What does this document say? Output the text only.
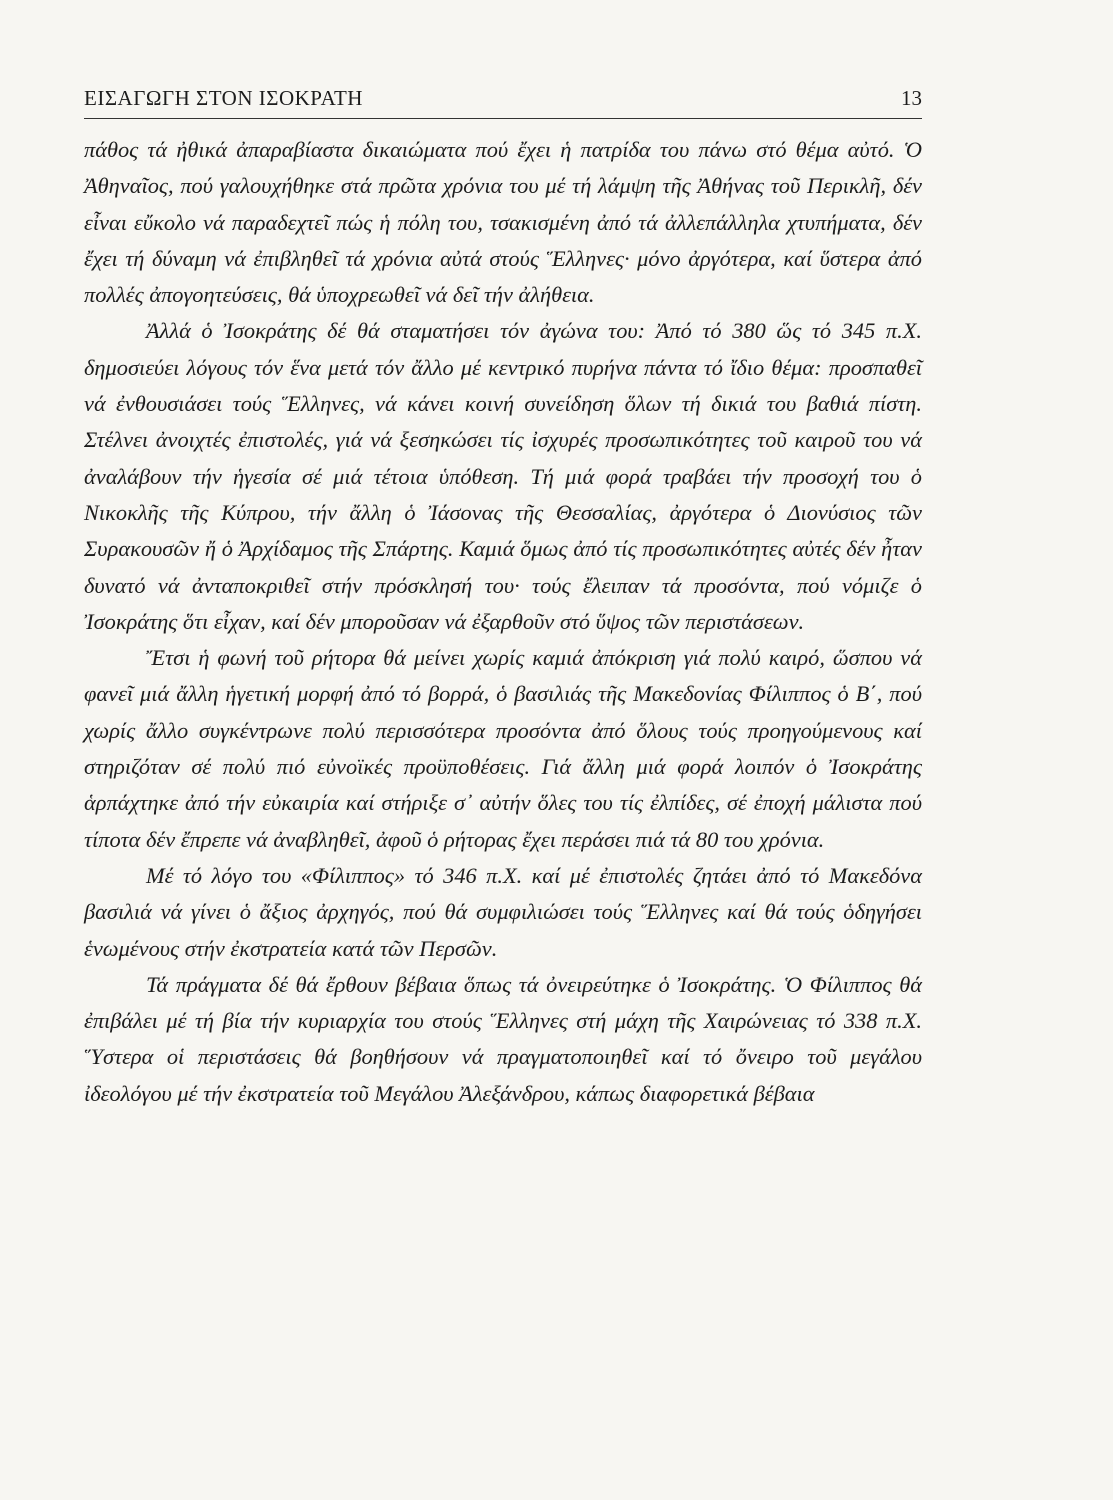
ΕΙΣΑΓΩΓΗ ΣΤΟΝ ΙΣΟΚΡΑΤΗ	13

πάθος τά ἠθικά ἀπαραβίαστα δικαιώματα πού ἔχει ἡ πατρίδα του πάνω στό θέμα αὐτό. Ὁ Ἀθηναῖος, πού γαλουχήθηκε στά πρῶτα χρόνια του μέ τή λάμψη τῆς Ἀθήνας τοῦ Περικλῆ, δέν εἶναι εὔκολο νά παραδεχτεῖ πώς ἡ πόλη του, τσακισμένη ἀπό τά ἀλλεπάλληλα χτυπήματα, δέν ἔχει τή δύναμη νά ἐπιβληθεῖ τά χρόνια αὐτά στούς Ἕλληνες· μόνο ἀργότερα, καί ὕστερα ἀπό πολλές ἀπογοητεύσεις, θά ὑποχρεωθεῖ νά δεῖ τήν ἀλήθεια.

Ἀλλά ὁ Ἰσοκράτης δέ θά σταματήσει τόν ἀγώνα του: Ἀπό τό 380 ὥς τό 345 π.Χ. δημοσιεύει λόγους τόν ἕνα μετά τόν ἄλλο μέ κεντρικό πυρήνα πάντα τό ἴδιο θέμα: προσπαθεῖ νά ἐνθουσιάσει τούς Ἕλληνες, νά κάνει κοινή συνείδηση ὅλων τή δικιά του βαθιά πίστη. Στέλνει ἀνοιχτές ἐπιστολές, γιά νά ξεσηκώσει τίς ἰσχυρές προσωπικότητες τοῦ καιροῦ του νά ἀναλάβουν τήν ἡγεσία σέ μιά τέτοια ὑπόθεση. Τή μιά φορά τραβάει τήν προσοχή του ὁ Νικοκλῆς τῆς Κύπρου, τήν ἄλλη ὁ Ἰάσονας τῆς Θεσσαλίας, ἀργότερα ὁ Διονύσιος τῶν Συρακουσῶν ἤ ὁ Ἀρχίδαμος τῆς Σπάρτης. Καμιά ὅμως ἀπό τίς προσωπικότητες αὐτές δέν ἦταν δυνατό νά ἀνταποκριθεῖ στήν πρόσκλησή του· τούς ἔλειπαν τά προσόντα, πού νόμιζε ὁ Ἰσοκράτης ὅτι εἶχαν, καί δέν μποροῦσαν νά ἐξαρθοῦν στό ὕψος τῶν περιστάσεων.

Ἔτσι ἡ φωνή τοῦ ρήτορα θά μείνει χωρίς καμιά ἀπόκριση γιά πολύ καιρό, ὥσπου νά φανεῖ μιά ἄλλη ἡγετική μορφή ἀπό τό βορρά, ὁ βασιλιάς τῆς Μακεδονίας Φίλιππος ὁ Β΄, πού χωρίς ἄλλο συγκέντρωνε πολύ περισσότερα προσόντα ἀπό ὅλους τούς προηγούμενους καί στηριζόταν σέ πολύ πιό εὐνοϊκές προϋποθέσεις. Γιά ἄλλη μιά φορά λοιπόν ὁ Ἰσοκράτης ἁρπάχτηκε ἀπό τήν εὐκαιρία καί στήριξε σ᾽ αὐτήν ὅλες του τίς ἐλπίδες, σέ ἐποχή μάλιστα πού τίποτα δέν ἔπρεπε νά ἀναβληθεῖ, ἀφοῦ ὁ ρήτορας ἔχει περάσει πιά τά 80 του χρόνια.

Μέ τό λόγο του «Φίλιππος» τό 346 π.Χ. καί μέ ἐπιστολές ζητάει ἀπό τό Μακεδόνα βασιλιά νά γίνει ὁ ἄξιος ἀρχηγός, πού θά συμφιλιώσει τούς Ἕλληνες καί θά τούς ὁδηγήσει ἑνωμένους στήν ἐκστρατεία κατά τῶν Περσῶν.

Τά πράγματα δέ θά ἔρθουν βέβαια ὅπως τά ὀνειρεύτηκε ὁ Ἰσοκράτης. Ὁ Φίλιππος θά ἐπιβάλει μέ τή βία τήν κυριαρχία του στούς Ἕλληνες στή μάχη τῆς Χαιρώνειας τό 338 π.Χ. Ὕστερα οἱ περιστάσεις θά βοηθήσουν νά πραγματοποιηθεῖ καί τό ὄνειρο τοῦ μεγάλου ἰδεολόγου μέ τήν ἐκστρατεία τοῦ Μεγάλου Ἀλεξάνδρου, κάπως διαφορετικά βέβαια
